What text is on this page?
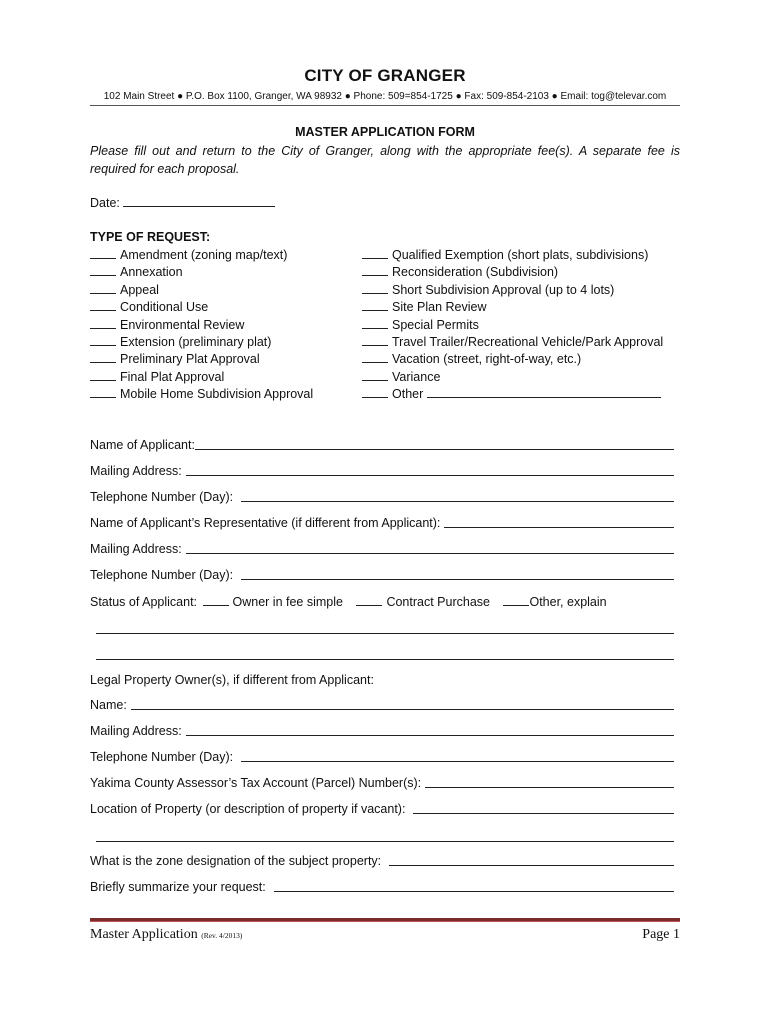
CITY OF GRANGER
102 Main Street ● P.O. Box 1100, Granger, WA 98932 ● Phone: 509=854-1725 ● Fax: 509-854-2103 ● Email: tog@televar.com
MASTER APPLICATION FORM
Please fill out and return to the City of Granger, along with the appropriate fee(s). A separate fee is required for each proposal.
Date:
TYPE OF REQUEST:
Amendment (zoning map/text)
Annexation
Appeal
Conditional Use
Environmental Review
Extension (preliminary plat)
Preliminary Plat Approval
Final Plat Approval
Mobile Home Subdivision Approval
Qualified Exemption (short plats, subdivisions)
Reconsideration (Subdivision)
Short Subdivision Approval (up to 4 lots)
Site Plan Review
Special Permits
Travel Trailer/Recreational Vehicle/Park Approval
Vacation (street, right-of-way, etc.)
Variance
Other
Name of Applicant:
Mailing Address:
Telephone Number (Day):
Name of Applicant’s Representative (if different from Applicant):
Mailing Address:
Telephone Number (Day):
Status of Applicant:	Owner in fee simple	Contract Purchase	Other, explain
Legal Property Owner(s), if different from Applicant:
Name:
Mailing Address:
Telephone Number (Day):
Yakima County Assessor’s Tax Account (Parcel) Number(s):
Location of Property (or description of property if vacant):
What is the zone designation of the subject property:
Briefly summarize your request:
Master Application (Rev. 4/2013)	Page 1
